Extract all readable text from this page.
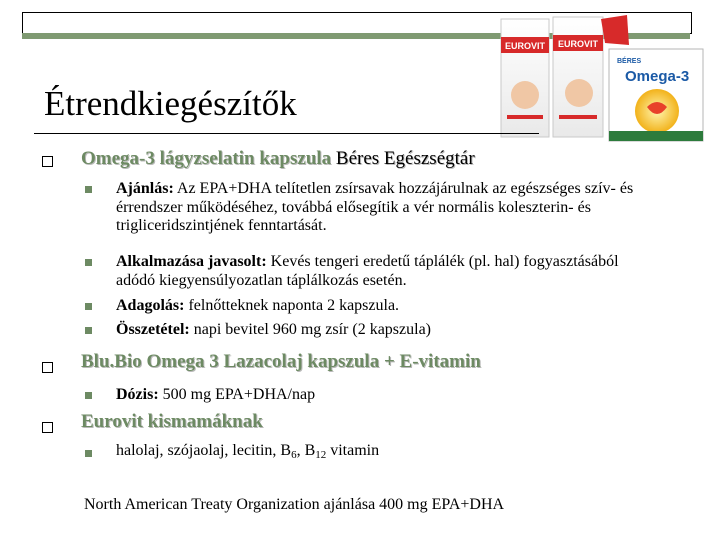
EUROVIT EUROVIT
BÉRES
Omega-3
Étrendkiegészítők
Omega-3 lágyzselatin kapszula Béres Egészségtár
Ajánlás: Az EPA+DHA telítetlen zsírsavak hozzájárulnak az egészséges szív- és érrendszer működéséhez, továbbá elősegítik a vér normális koleszterin- és trigliceridszintjének fenntartását.
Alkalmazása javasolt: Kevés tengeri eredetű táplálék (pl. hal) fogyasztásából adódó kiegyensúlyozatlan táplálkozás esetén.
Adagolás: felnőtteknek naponta 2 kapszula.
Összetétel: napi bevitel 960 mg zsír (2 kapszula)
Blu.Bio Omega 3 Lazacolaj kapszula + E-vitamin
Dózis: 500 mg EPA+DHA/nap
Eurovit kismamáknak
halolaj, szójaolaj, lecitin, $B_6$, $B_{12}$ vitamin
North American Treaty Organization ajánlása 400 mg EPA+DHA
